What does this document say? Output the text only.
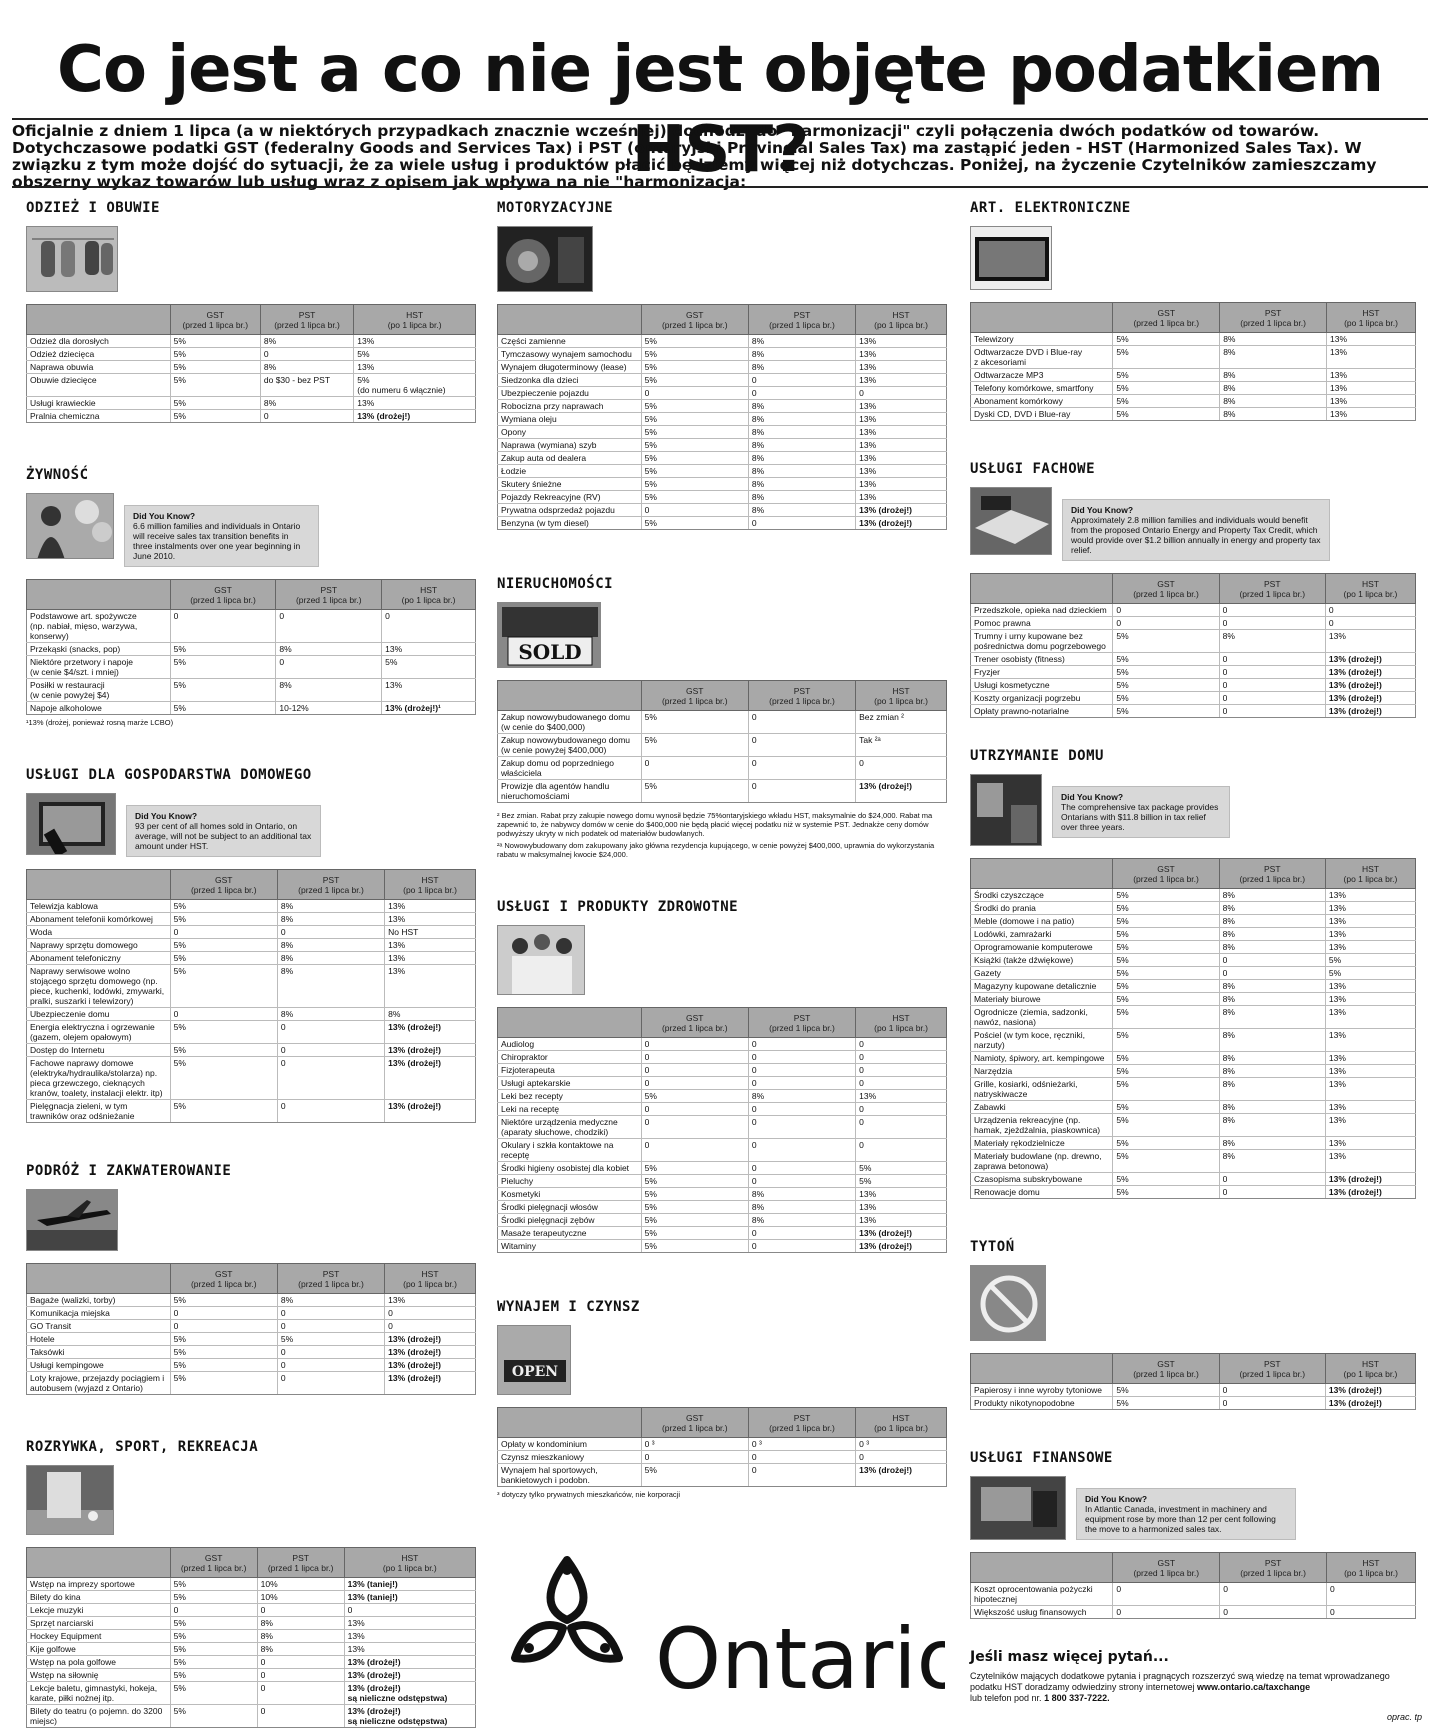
Co jest a co nie jest objęte podatkiem HST?
Oficjalnie z dniem 1 lipca (a w niektórych przypadkach znacznie wcześniej) dochodzi do "harmonizacji" czyli połączenia dwóch podatków od towarów. Dotychczasowe podatki GST (federalny Goods and Services Tax) i PST (ontaryjski Provincial Sales Tax) ma zastąpić jeden - HST (Harmonized Sales Tax). W związku z tym może dojść do sytuacji, że za wiele usług i produktów płacić będziemy więcej niż dotychczas. Poniżej, na życzenie Czytelników zamieszczamy obszerny wykaz towarów lub usług wraz z opisem jak wpływa na nie "harmonizacja:
ODZIEŻ I OBUWIE
	GST
(przed 1 lipca br.)	PST
(przed 1 lipca br.)	HST
(po 1 lipca br.)
Odzież dla dorosłych	5%	8%	13%
Odzież dziecięca	5%	0	5%
Naprawa obuwia	5%	8%	13%
Obuwie dziecięce	5%	do $30 - bez PST	5%
(do numeru 6 włącznie)
Usługi krawieckie	5%	8%	13%
Pralnia chemiczna	5%	0	13% (drożej!)
ŻYWNOŚĆ
Did You Know?
6.6 million families and individuals in Ontario will receive sales tax transition benefits in three instalments over one year beginning in June 2010.
	GST
(przed 1 lipca br.)	PST
(przed 1 lipca br.)	HST
(po 1 lipca br.)
Podstawowe art. spożywcze
(np. nabiał, mięso, warzywa, konserwy)	0	0	0
Przekąski (snacks, pop)	5%	8%	13%
Niektóre przetwory i napoje
(w cenie $4/szt. i mniej)	5%	0	5%
Posiłki w restauracji
(w cenie powyżej $4)	5%	8%	13%
Napoje alkoholowe	5%	10-12%	13% (drożej!)¹
¹13% (drożej, ponieważ rosną marże LCBO)
USŁUGI DLA GOSPODARSTWA DOMOWEGO
Did You Know?
93 per cent of all homes sold in Ontario, on average, will not be subject to an additional tax amount under HST.
	GST
(przed 1 lipca br.)	PST
(przed 1 lipca br.)	HST
(po 1 lipca br.)
Telewizja kablowa	5%	8%	13%
Abonament telefonii komórkowej	5%	8%	13%
Woda	0	0	No HST
Naprawy sprzętu domowego	5%	8%	13%
Abonament telefoniczny	5%	8%	13%
Naprawy serwisowe wolno stojącego sprzętu domowego (np. piece, kuchenki, lodówki, zmywarki, pralki, suszarki i telewizory)	5%	8%	13%
Ubezpieczenie domu	0	8%	8%
Energia elektryczna i ogrzewanie
(gazem, olejem opałowym)	5%	0	13% (drożej!)
Dostęp do Internetu	5%	0	13% (drożej!)
Fachowe naprawy domowe (elektryka/hydraulika/stolarza) np. pieca grzewczego, cieknących kranów, toalety, instalacji elektr. itp)	5%	0	13% (drożej!)
Pielęgnacja zieleni, w tym trawników oraz odśnieżanie	5%	0	13% (drożej!)
PODRÓŻ I ZAKWATEROWANIE
	GST
(przed 1 lipca br.)	PST
(przed 1 lipca br.)	HST
(po 1 lipca br.)
Bagaże (walizki, torby)	5%	8%	13%
Komunikacja miejska	0	0	0
GO Transit	0	0	0
Hotele	5%	5%	13% (drożej!)
Taksówki	5%	0	13% (drożej!)
Usługi kempingowe	5%	0	13% (drożej!)
Loty krajowe, przejazdy pociągiem i autobusem (wyjazd z Ontario)	5%	0	13% (drożej!)
ROZRYWKA, SPORT, REKREACJA
	GST
(przed 1 lipca br.)	PST
(przed 1 lipca br.)	HST
(po 1 lipca br.)
Wstęp na imprezy sportowe	5%	10%	13% (taniej!)
Bilety do kina	5%	10%	13% (taniej!)
Lekcje muzyki	0	0	0
Sprzęt narciarski	5%	8%	13%
Hockey Equipment	5%	8%	13%
Kije golfowe	5%	8%	13%
Wstęp na pola golfowe	5%	0	13% (drożej!)
Wstęp na siłownię	5%	0	13% (drożej!)
Lekcje baletu, gimnastyki, hokeja, karate, piłki nożnej itp.	5%	0	13% (drożej!)
są nieliczne odstępstwa)
Bilety do teatru (o pojemn. do 3200 miejsc)	5%	0	13% (drożej!)
są nieliczne odstępstwa)
MOTORYZACYJNE
	GST
(przed 1 lipca br.)	PST
(przed 1 lipca br.)	HST
(po 1 lipca br.)
Części zamienne	5%	8%	13%
Tymczasowy wynajem samochodu	5%	8%	13%
Wynajem długoterminowy (lease)	5%	8%	13%
Siedzonka dla dzieci	5%	0	13%
Ubezpieczenie pojazdu	0	0	0
Robocizna przy naprawach	5%	8%	13%
Wymiana oleju	5%	8%	13%
Opony	5%	8%	13%
Naprawa (wymiana) szyb	5%	8%	13%
Zakup auta od dealera	5%	8%	13%
Łodzie	5%	8%	13%
Skutery śnieżne	5%	8%	13%
Pojazdy Rekreacyjne (RV)	5%	8%	13%
Prywatna odsprzedaż pojazdu	0	8%	13% (drożej!)
Benzyna (w tym diesel)	5%	0	13% (drożej!)
NIERUCHOMOŚCI
SOLD
	GST
(przed 1 lipca br.)	PST
(przed 1 lipca br.)	HST
(po 1 lipca br.)
Zakup nowowybudowanego domu
(w cenie do $400,000)	5%	0	Bez zmian ²
Zakup nowowybudowanego domu
(w cenie powyżej $400,000)	5%	0	Tak ²ᵃ
Zakup domu od poprzedniego właściciela	0	0	0
Prowizje dla agentów handlu nieruchomościami	5%	0	13% (drożej!)
² Bez zmian. Rabat przy zakupie nowego domu wynosił będzie 75%ontaryjskiego wkładu HST, maksymalnie do $24,000. Rabat ma zapewnić to, że nabywcy domów w cenie do $400,000 nie będą płacić więcej podatku niż w systemie PST. Jednakże ceny domów podwyższy ukryty w nich podatek od materiałów budowlanych.
²ᵃ Nowowybudowany dom zakupowany jako główna rezydencja kupującego, w cenie powyżej $400,000, uprawnia do wykorzystania rabatu w maksymalnej kwocie $24,000.
USŁUGI I PRODUKTY ZDROWOTNE
	GST
(przed 1 lipca br.)	PST
(przed 1 lipca br.)	HST
(po 1 lipca br.)
Audiolog	0	0	0
Chiropraktor	0	0	0
Fizjoterapeuta	0	0	0
Usługi aptekarskie	0	0	0
Leki bez recepty	5%	8%	13%
Leki na receptę	0	0	0
Niektóre urządzenia medyczne
(aparaty słuchowe, chodziki)	0	0	0
Okulary i szkła kontaktowe na receptę	0	0	0
Środki higieny osobistej dla kobiet	5%	0	5%
Pieluchy	5%	0	5%
Kosmetyki	5%	8%	13%
Środki pielęgnacji włosów	5%	8%	13%
Środki pielęgnacji zębów	5%	8%	13%
Masaże terapeutyczne	5%	0	13% (drożej!)
Witaminy	5%	0	13% (drożej!)
WYNAJEM I CZYNSZ
OPEN
	GST
(przed 1 lipca br.)	PST
(przed 1 lipca br.)	HST
(po 1 lipca br.)
Opłaty w kondominium	0 ³	0 ³	0 ³
Czynsz mieszkaniowy	0	0	0
Wynajem hal sportowych, bankietowych i podobn.	5%	0	13% (drożej!)
³ dotyczy tylko prywatnych mieszkańców, nie korporacji
ART. ELEKTRONICZNE
	GST
(przed 1 lipca br.)	PST
(przed 1 lipca br.)	HST
(po 1 lipca br.)
Telewizory	5%	8%	13%
Odtwarzacze DVD i Blue-ray
z akcesoriami	5%	8%	13%
Odtwarzacze MP3	5%	8%	13%
Telefony komórkowe, smartfony	5%	8%	13%
Abonament komórkowy	5%	8%	13%
Dyski CD, DVD i Blue-ray	5%	8%	13%
USŁUGI FACHOWE
Did You Know?
Approximately 2.8 million families and individuals would benefit from the proposed Ontario Energy and Property Tax Credit, which would provide over $1.2 billion annually in energy and property tax relief.
	GST
(przed 1 lipca br.)	PST
(przed 1 lipca br.)	HST
(po 1 lipca br.)
Przedszkole, opieka nad dzieckiem	0	0	0
Pomoc prawna	0	0	0
Trumny i urny kupowane bez pośrednictwa domu pogrzebowego	5%	8%	13%
Trener osobisty (fitness)	5%	0	13% (drożej!)
Fryzjer	5%	0	13% (drożej!)
Usługi kosmetyczne	5%	0	13% (drożej!)
Koszty organizacji pogrzebu	5%	0	13% (drożej!)
Opłaty prawno-notarialne	5%	0	13% (drożej!)
UTRZYMANIE DOMU
Did You Know?
The comprehensive tax package provides Ontarians with $11.8 billion in tax relief over three years.
	GST
(przed 1 lipca br.)	PST
(przed 1 lipca br.)	HST
(po 1 lipca br.)
Środki czyszczące	5%	8%	13%
Środki do prania	5%	8%	13%
Meble (domowe i na patio)	5%	8%	13%
Lodówki, zamrażarki	5%	8%	13%
Oprogramowanie komputerowe	5%	8%	13%
Książki (także dźwiękowe)	5%	0	5%
Gazety	5%	0	5%
Magazyny kupowane detalicznie	5%	8%	13%
Materiały biurowe	5%	8%	13%
Ogrodnicze (ziemia, sadzonki, nawóz, nasiona)	5%	8%	13%
Pościel (w tym koce, ręczniki, narzuty)	5%	8%	13%
Namioty, śpiwory, art. kempingowe	5%	8%	13%
Narzędzia	5%	8%	13%
Grille, kosiarki, odśnieżarki, natryskiwacze	5%	8%	13%
Zabawki	5%	8%	13%
Urządzenia rekreacyjne (np. hamak, zjeżdżalnia, piaskownica)	5%	8%	13%
Materiały rękodzielnicze	5%	8%	13%
Materiały budowlane (np. drewno, zaprawa betonowa)	5%	8%	13%
Czasopisma subskrybowane	5%	0	13% (drożej!)
Renowacje domu	5%	0	13% (drożej!)
TYTOŃ
	GST
(przed 1 lipca br.)	PST
(przed 1 lipca br.)	HST
(po 1 lipca br.)
Papierosy i inne wyroby tytoniowe	5%	0	13% (drożej!)
Produkty nikotynopodobne	5%	0	13% (drożej!)
USŁUGI FINANSOWE
Did You Know?
In Atlantic Canada, investment in machinery and equipment rose by more than 12 per cent following the move to a harmonized sales tax.
	GST
(przed 1 lipca br.)	PST
(przed 1 lipca br.)	HST
(po 1 lipca br.)
Koszt oprocentowania pożyczki hipotecznej	0	0	0
Większość usług finansowych	0	0	0
Jeśli masz więcej pytań...
Czytelników mających dodatkowe pytania i pragnących rozszerzyć swą wiedzę na temat wprowadzanego podatku HST doradzamy odwiedziny strony internetowej www.ontario.ca/taxchange
lub telefon pod nr. 1 800 337-7222.
Ontario
oprac. tp
